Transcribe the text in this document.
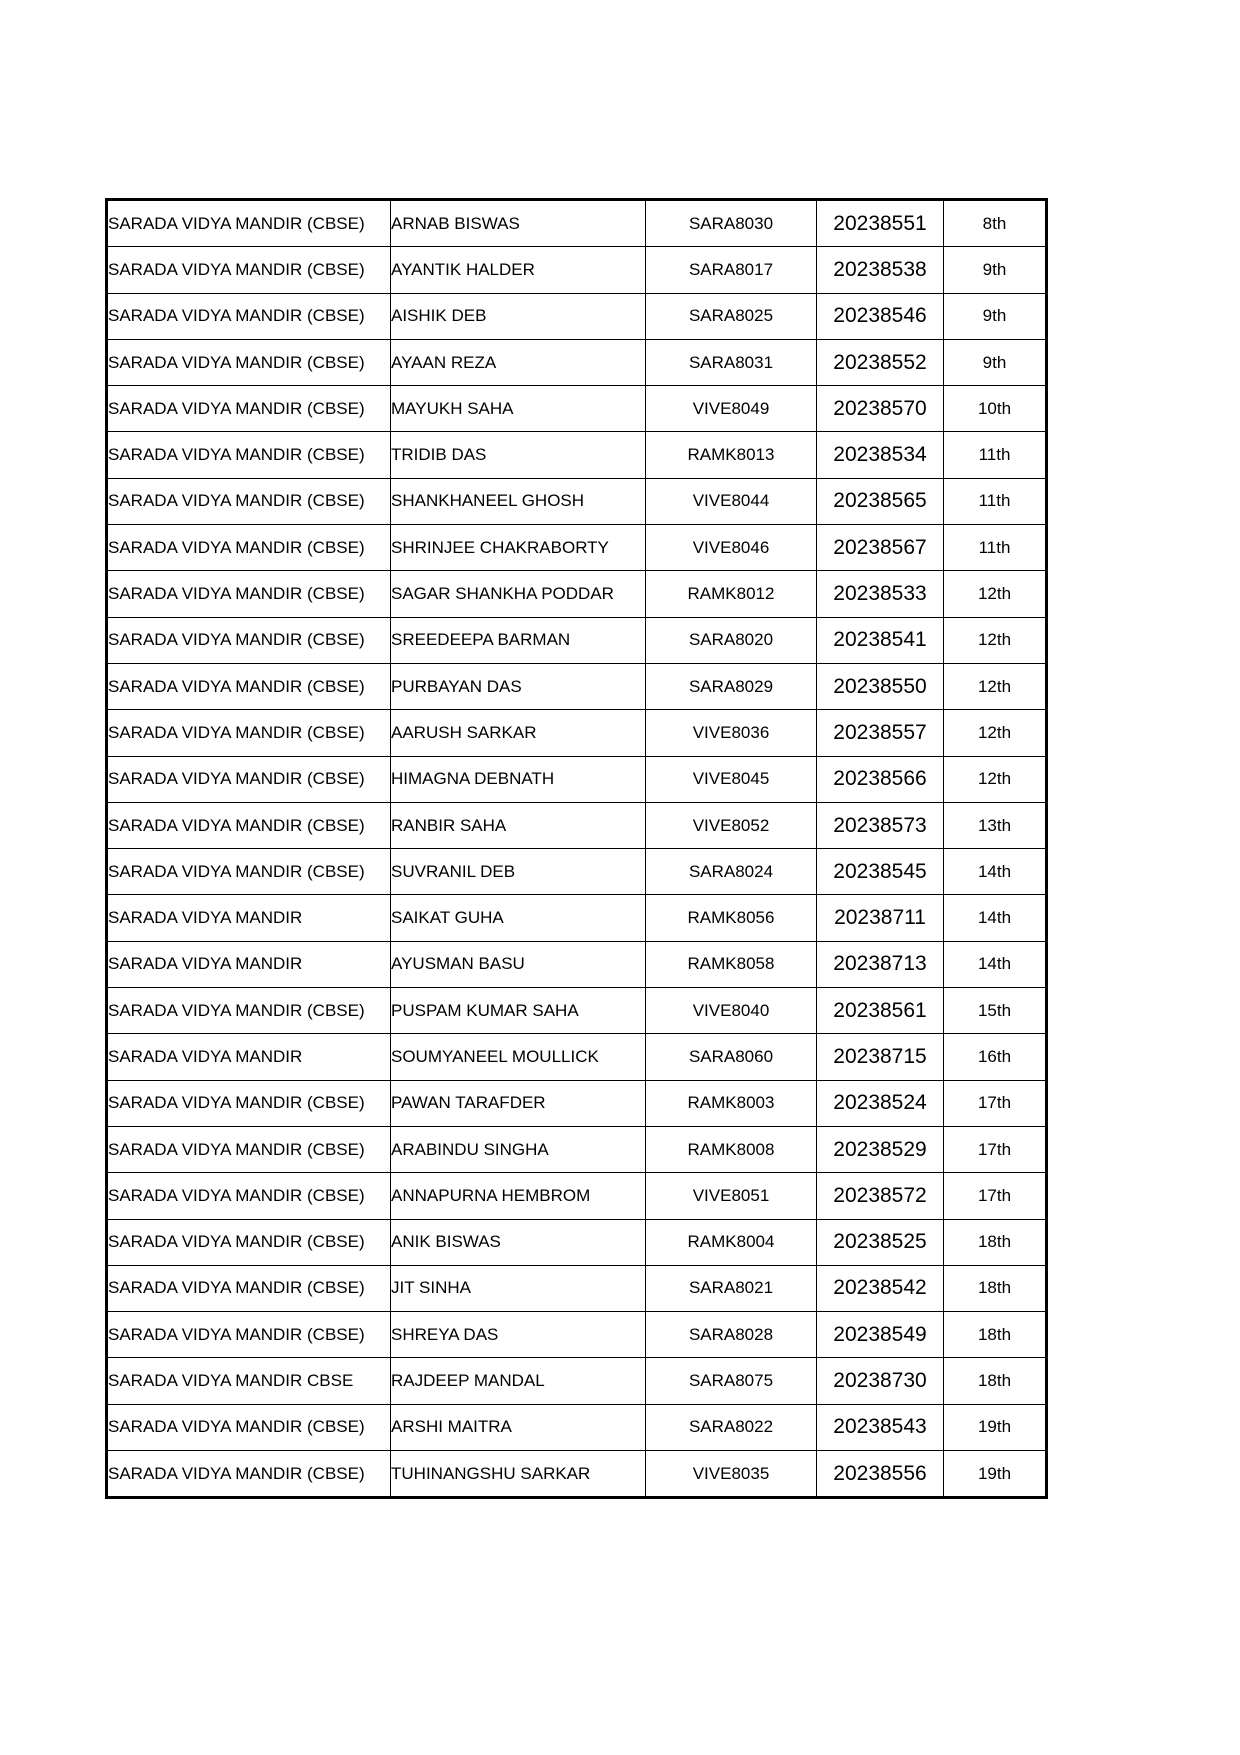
SARADA VIDYA MANDIR (CBSE)	ARNAB BISWAS	SARA8030	20238551	8th
SARADA VIDYA MANDIR (CBSE)	AYANTIK HALDER	SARA8017	20238538	9th
SARADA VIDYA MANDIR (CBSE)	AISHIK DEB	SARA8025	20238546	9th
SARADA VIDYA MANDIR (CBSE)	AYAAN REZA	SARA8031	20238552	9th
SARADA VIDYA MANDIR (CBSE)	MAYUKH SAHA	VIVE8049	20238570	10th
SARADA VIDYA MANDIR (CBSE)	TRIDIB DAS	RAMK8013	20238534	11th
SARADA VIDYA MANDIR (CBSE)	SHANKHANEEL GHOSH	VIVE8044	20238565	11th
SARADA VIDYA MANDIR (CBSE)	SHRINJEE CHAKRABORTY	VIVE8046	20238567	11th
SARADA VIDYA MANDIR (CBSE)	SAGAR SHANKHA PODDAR	RAMK8012	20238533	12th
SARADA VIDYA MANDIR (CBSE)	SREEDEEPA BARMAN	SARA8020	20238541	12th
SARADA VIDYA MANDIR (CBSE)	PURBAYAN DAS	SARA8029	20238550	12th
SARADA VIDYA MANDIR (CBSE)	AARUSH SARKAR	VIVE8036	20238557	12th
SARADA VIDYA MANDIR (CBSE)	HIMAGNA DEBNATH	VIVE8045	20238566	12th
SARADA VIDYA MANDIR (CBSE)	RANBIR SAHA	VIVE8052	20238573	13th
SARADA VIDYA MANDIR (CBSE)	SUVRANIL DEB	SARA8024	20238545	14th
SARADA VIDYA MANDIR	SAIKAT GUHA	RAMK8056	20238711	14th
SARADA VIDYA MANDIR	AYUSMAN BASU	RAMK8058	20238713	14th
SARADA VIDYA MANDIR (CBSE)	PUSPAM KUMAR SAHA	VIVE8040	20238561	15th
SARADA VIDYA MANDIR	SOUMYANEEL MOULLICK	SARA8060	20238715	16th
SARADA VIDYA MANDIR (CBSE)	PAWAN TARAFDER	RAMK8003	20238524	17th
SARADA VIDYA MANDIR (CBSE)	ARABINDU SINGHA	RAMK8008	20238529	17th
SARADA VIDYA MANDIR (CBSE)	ANNAPURNA HEMBROM	VIVE8051	20238572	17th
SARADA VIDYA MANDIR (CBSE)	ANIK BISWAS	RAMK8004	20238525	18th
SARADA VIDYA MANDIR (CBSE)	JIT SINHA	SARA8021	20238542	18th
SARADA VIDYA MANDIR (CBSE)	SHREYA DAS	SARA8028	20238549	18th
SARADA VIDYA MANDIR CBSE	RAJDEEP MANDAL	SARA8075	20238730	18th
SARADA VIDYA MANDIR (CBSE)	ARSHI MAITRA	SARA8022	20238543	19th
SARADA VIDYA MANDIR (CBSE)	TUHINANGSHU SARKAR	VIVE8035	20238556	19th
